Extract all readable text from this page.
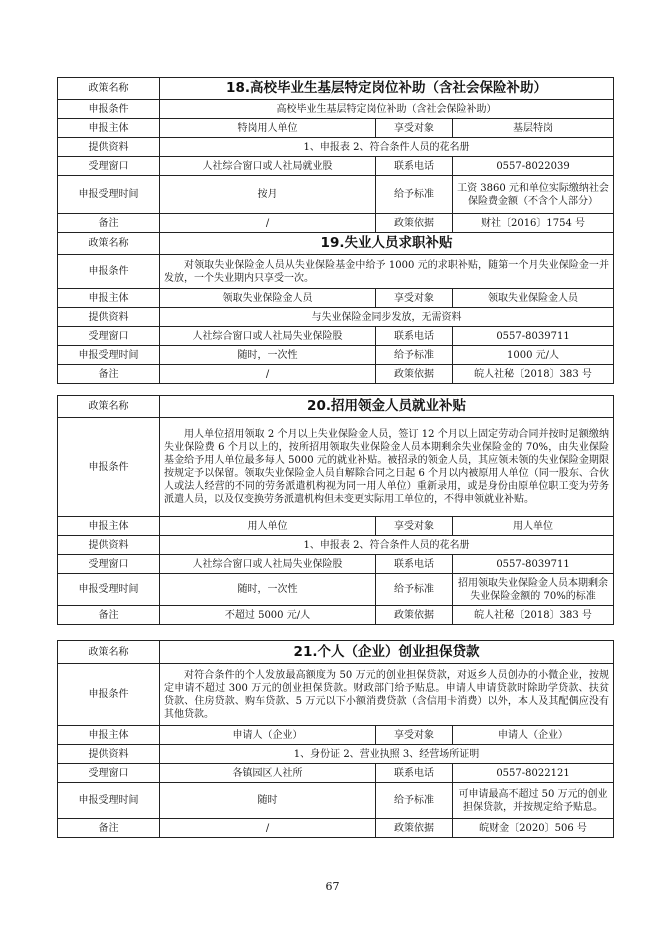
政策名称	18.高校毕业生基层特定岗位补助（含社会保险补助）		
申报条件	高校毕业生基层特定岗位补助（含社会保险补助）		
申报主体	特岗用人单位	享受对象	基层特岗
提供资料	1、申报表 2、符合条件人员的花名册		
受理窗口	人社综合窗口或人社局就业股	联系电话	0557-8022039
申报受理时间	按月	给予标准	工资 3860 元和单位实际缴纳社会保险费金额（不含个人部分）
备注	/	政策依据	财社〔2016〕1754 号
政策名称	19.失业人员求职补贴		
申报条件	对领取失业保险金人员从失业保险基金中给予 1000 元的求职补贴，随第一个月失业保险金一并发放，一个失业期内只享受一次。		

申报主体	领取失业保险金人员	享受对象	领取失业保险金人员
提供资料	与失业保险金同步发放，无需资料		
受理窗口	人社综合窗口或人社局失业保险股	联系电话	0557-8039711
申报受理时间	随时，一次性	给予标准	1000 元/人
备注	/	政策依据	皖人社秘〔2018〕383 号
政策名称	20.招用领金人员就业补贴		
申报条件	用人单位招用领取 2 个月以上失业保险金人员，签订 12 个月以上固定劳动合同并按时足额缴纳失业保险费 6 个月以上的，按所招用领取失业保险金人员本期剩余失业保险金的 70%，由失业保险基金给予用人单位最多每人 5000 元的就业补贴。被招录的领金人员，其应领未领的失业保险金期限按规定予以保留。领取失业保险金人员自解除合同之日起 6 个月以内被原用人单位（同一股东、合伙人或法人经营的不同的劳务派遣机构视为同一用人单位）重新录用，或是身份由原单位职工变为劳务派遣人员，以及仅变换劳务派遣机构但未变更实际用工单位的，不得申领就业补贴。		

申报主体	用人单位	享受对象	用人单位
提供资料	1、申报表 2、符合条件人员的花名册		
受理窗口	人社综合窗口或人社局失业保险股	联系电话	0557-8039711
申报受理时间	随时，一次性	给予标准	招用领取失业保险金人员本期剩余失业保险金额的 70%的标准
备注	不超过 5000 元/人	政策依据	皖人社秘〔2018〕383 号
政策名称	21.个人（企业）创业担保贷款		
申报条件	对符合条件的个人发放最高额度为 50 万元的创业担保贷款，对返乡人员创办的小微企业，按规定申请不超过 300 万元的创业担保贷款。财政部门给予贴息。申请人申请贷款时除助学贷款、扶贫贷款、住房贷款、购车贷款、5 万元以下小额消费贷款（含信用卡消费）以外，本人及其配偶应没有其他贷款。		

申报主体	申请人（企业）	享受对象	申请人（企业）
提供资料	1、身份证 2、营业执照 3、经营场所证明		
受理窗口	各镇园区人社所	联系电话	0557-8022121
申报受理时间	随时	给予标准	可申请最高不超过 50 万元的创业担保贷款，并按规定给予贴息。
备注	/	政策依据	皖财金〔2020〕506 号
67
